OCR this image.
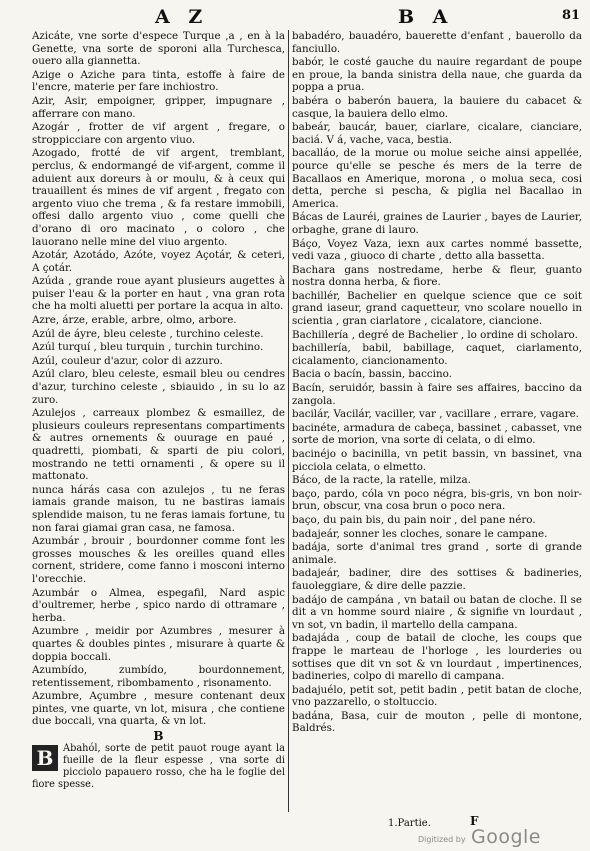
A Z	B A	81
Azicáte, vne sorte d'espece Turque ,a , en à la Genette, vna sorte de sporoni alla Turchesca, ouero alla giannetta.
Azige o Aziche para tinta, estoffe à faire de l'encre, materie per fare inchiostro.
Azir, Asir, empoigner, gripper, impugnare , afferrare con mano.
Azogár , frotter de vif argent , fregare, o stroppicciare con argento viuo.
Azogado, frotté de vif argent, tremblant, perclus, & endormangé de vif-argent, comme il aduient aux doreurs à or moulu, & à ceux qui trauaillent és mines de vif argent , fregato con argento viuo che trema , & fa restare immobili, offesi dallo argento viuo , come quelli che d'orano di oro macinato , o coloro , che lauorano nelle mine del viuo argento.
Azotár, Azotádo, Azóte, voyez Açotár, & ceteri, A çotár.
Azúda , grande roue ayant plusieurs augettes à puiser l'eau & la porter en haut , vna gran rota che ha molti aluetti per portare la acqua in alto.
Azre, árze, erable, arbre, olmo, arbore.
Azúl de áyre, bleu celeste , turchino celeste.
Azúl turquí , bleu turquin , turchin turchino.
Azúl, couleur d'azur, color di azzuro.
Azúl claro, bleu celeste, esmail bleu ou cendres d'azur, turchino celeste , sbiauido , in su lo az zuro.
Azulejos , carreaux plombez & esmaillez, de plusieurs couleurs representans compartiments & autres ornements & ouurage en paué , quadretti, piombati, & sparti de piu colori, mostrando ne tetti ornamenti , & opere su il mattonato.
nunca hárás casa con azulejos , tu ne feras iamais grande maison, tu ne bastiras iamais splendide maison, tu ne feras iamais fortune, tu non farai giamai gran casa, ne famosa.
Azumbár , brouir , bourdonner comme font les grosses mousches & les oreilles quand elles cornent, stridere, come fanno i mosconi interno l'orecchie.
Azumbár o Almea, espegafil, Nard aspic d'oultremer, herbe , spico nardo di ottramare , herba.
Azumbre , meidir por Azumbres , mesurer à quartes & doubles pintes , misurare à quarte & doppia boccali.
Azumbído, zumbído, bourdonnement, retentissement, ribombamento , risonamento.
Azumbre, Açumbre , mesure contenant deux pintes, vne quarte, vn lot, misura , che contiene due boccali, vna quarta, & vn lot.
B
B Abahól, sorte de petit pauot rouge ayant la fueille de la fleur espesse , vna sorte di picciolo papauero rosso, che ha le foglie del fiore spesse.
babadéro, bauadéro, bauerette d'enfant , bauerollo da fanciullo.
babór, le costé gauche du nauire regardant de poupe en proue, la banda sinistra della naue, che guarda da poppa a prua.
babéra o baberón bauera, la bauiere du cabacet & casque, la bauiera dello elmo.
babeár, baucár, bauer, ciarlare, cicalare, cianciare, baciá. V á, vache, vaca, bestia.
bacalláo, de la morue ou molue seiche ainsi appellée, pource qu'elle se pesche és mers de la terre de Bacallaos en Amerique, morona , o molua seca, cosi detta, perche si pescha, & piglia nel Bacallao in America.
Bácas de Lauréi, graines de Laurier , bayes de Laurier, orbaghe, grane di lauro.
Báço, Voyez Vaza, iexn aux cartes nommé bassette, vedi vaza , giuoco di charte , detto alla bassetta.
Bachara gans nostredame, herbe & fleur, guanto nostra donna herba, & fiore.
bachillér, Bachelier en quelque science que ce soit grand iaseur, grand caquetteur, vno scolare nouello in scientia , gran ciarlatore , cicalatore, ciancione.
Bachillería , degré de Bachelier , lo ordine di scholaro.
bachillería, babil, babillage, caquet, ciarlamento, cicalamento, ciancionamento.
Bacia o bacín, bassin, baccino.
Bacín, seruidór, bassin à faire ses affaires, baccino da zangola.
bacilár, Vacilár, vaciller, var , vacillare , errare, vagare.
bacinéte, armadura de cabeça, bassinet , cabasset, vne sorte de morion, vna sorte di celata, o di elmo.
bacinéjo o bacinilla, vn petit bassin, vn bassinet, vna picciola celata, o elmetto.
Báco, de la racte, la ratelle, milza.
baço, pardo, cóla vn poco négra, bis-gris, vn bon noir-brun, obscur, vna cosa brun o poco nera.
baço, du pain bis, du pain noir , del pane néro.
badajeár, sonner les cloches, sonare le campane.
badája, sorte d'animal tres grand , sorte di grande animale.
badajeár, badiner, dire des sottises & badineries, fauoleggiare, & dire delle pazzie.
badájo de campána , vn batail ou batan de cloche. Il se dit a vn homme sourd niaire , & signifie vn lourdaut , vn sot, vn badin, il martello della campana.
badajáda , coup de batail de cloche, les coups que frappe le marteau de l'horloge , les lourderies ou sottises que dit vn sot & vn lourdaut , impertinences, badineries, colpo di marello di campana.
badajuélo, petit sot, petit badin , petit batan de cloche, vno pazzarello, o stoltuccio.
badána, Basa, cuir de mouton , pelle di montone, Baldrés.
1.Partie.	F
Digitized by Google
